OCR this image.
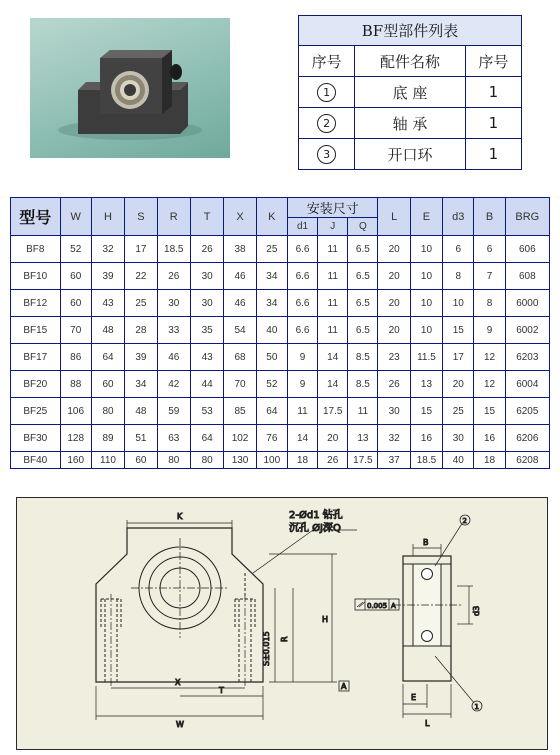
BF型部件列表		
序号	配件名称	序号
1	底 座	1
2	轴 承	1
3	开口环	1
型号	W	H	S	R	T	X	K	安装尺寸			L	E	d3	B	BRG
								d1	J	Q					
BF8	52	32	17	18.5	26	38	25	6.6	11	6.5	20	10	6	6	606
BF10	60	39	22	26	30	46	34	6.6	11	6.5	20	10	8	7	608
BF12	60	43	25	30	30	46	34	6.6	11	6.5	20	10	10	8	6000
BF15	70	48	28	33	35	54	40	6.6	11	6.5	20	10	15	9	6002
BF17	86	64	39	46	43	68	50	9	14	8.5	23	11.5	17	12	6203
BF20	88	60	34	42	44	70	52	9	14	8.5	26	13	20	12	6004
BF25	106	80	48	59	53	85	64	11	17.5	11	30	15	25	15	6205
BF30	128	89	51	63	64	102	76	14	20	13	32	16	30	16	6206
BF40	160	110	60	80	80	130	100	18	26	17.5	37	18.5	40	18	6208
K
X
T
W
H
R
S±0.015
A
B
E
L
d3
0.005 A
2
1
2-Ød1 钻孔
沉孔 ØJ深Q
